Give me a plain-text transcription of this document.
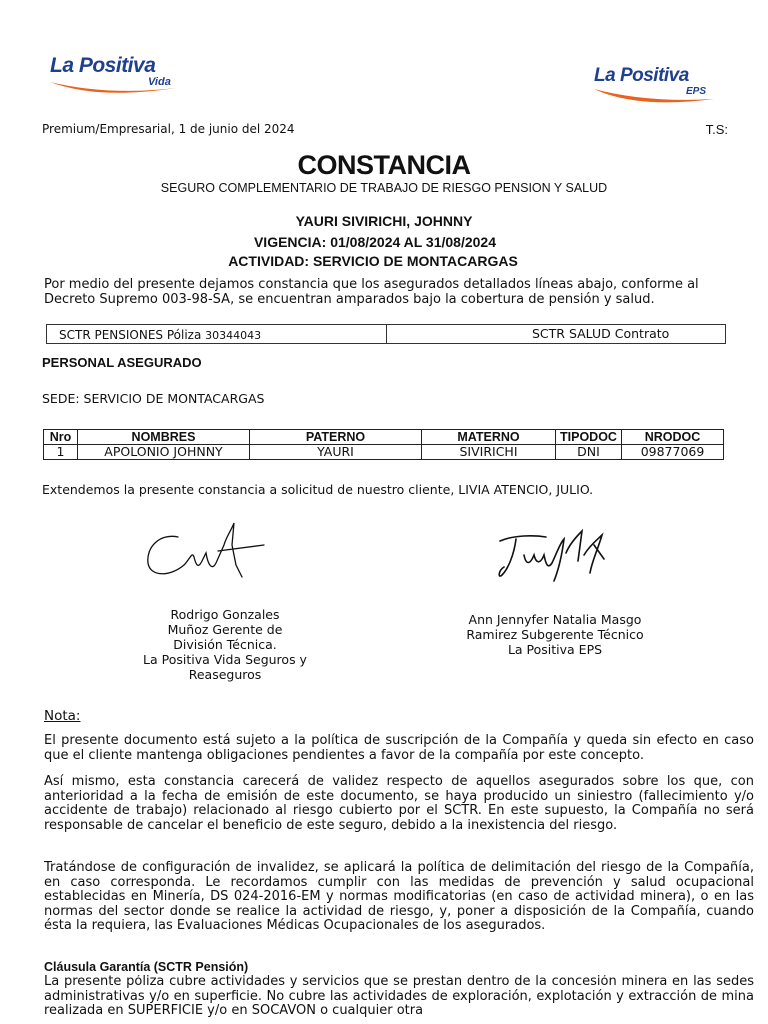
La Positiva
Vida	La Positiva
EPS
Premium/Empresarial, 1 de junio del 2024	T.S:
CONSTANCIA
SEGURO COMPLEMENTARIO DE TRABAJO DE RIESGO PENSION Y SALUD
YAURI SIVIRICHI, JOHNNY
VIGENCIA: 01/08/2024 AL 31/08/2024
ACTIVIDAD: SERVICIO DE MONTACARGAS
Por medio del presente dejamos constancia que los asegurados detallados líneas abajo, conforme al Decreto Supremo 003-98-SA, se encuentran amparados bajo la cobertura de pensión y salud.
SCTR PENSIONES Póliza 30344043	SCTR SALUD Contrato
PERSONAL ASEGURADO
SEDE: SERVICIO DE MONTACARGAS
Nro	NOMBRES	PATERNO	MATERNO	TIPODOC	NRODOC
1	APOLONIO JOHNNY	YAURI	SIVIRICHI	DNI	09877069
Extendemos la presente constancia a solicitud de nuestro cliente, LIVIA ATENCIO, JULIO.
Rodrigo Gonzales
Muñoz Gerente de
División Técnica.
La Positiva Vida Seguros y
Reaseguros
Ann Jennyfer Natalia Masgo
Ramirez Subgerente Técnico
La Positiva EPS
Nota:
El presente documento está sujeto a la política de suscripción de la Compañía y queda sin efecto en caso que el cliente mantenga obligaciones pendientes a favor de la compañía por este concepto.
Así mismo, esta constancia carecerá de validez respecto de aquellos asegurados sobre los que, con anterioridad a la fecha de emisión de este documento, se haya producido un siniestro (fallecimiento y/o accidente de trabajo) relacionado al riesgo cubierto por el SCTR. En este supuesto, la Compañía no será responsable de cancelar el beneficio de este seguro, debido a la inexistencia del riesgo.
Tratándose de configuración de invalidez, se aplicará la política de delimitación del riesgo de la Compañía, en caso corresponda. Le recordamos cumplir con las medidas de prevención y salud ocupacional establecidas en Minería, DS 024-2016-EM y normas modificatorias (en caso de actividad minera), o en las normas del sector donde se realice la actividad de riesgo, y, poner a disposición de la Compañía, cuando ésta la requiera, las Evaluaciones Médicas Ocupacionales de los asegurados.
Cláusula Garantía (SCTR Pensión)
La presente póliza cubre actividades y servicios que se prestan dentro de la concesión minera en las sedes administrativas y/o en superficie. No cubre las actividades de exploración, explotación y extracción de mina realizada en SUPERFICIE y/o en SOCAVON o cualquier otra
